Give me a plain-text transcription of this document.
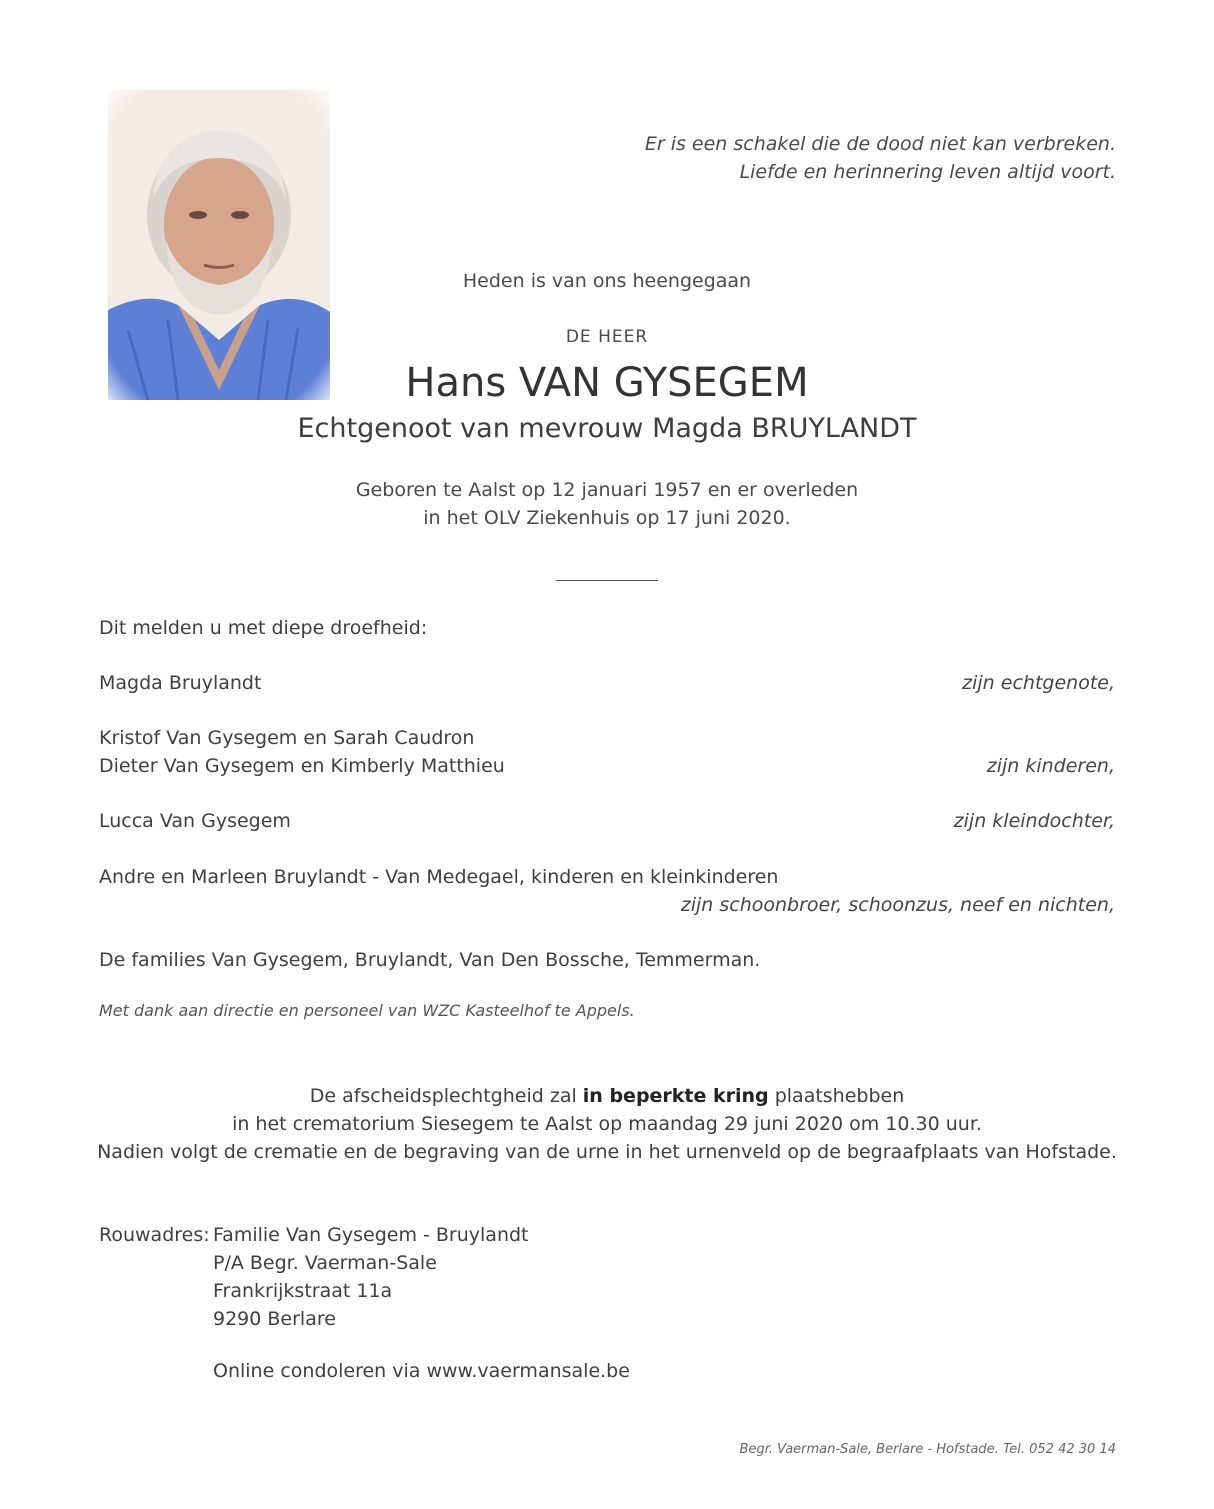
Er is een schakel die de dood niet kan verbreken.
Liefde en herinnering leven altijd voort.
Heden is van ons heengegaan
DE HEER
Hans VAN GYSEGEM
Echtgenoot van mevrouw Magda BRUYLANDT
Geboren te Aalst op 12 januari 1957 en er overleden
in het OLV Ziekenhuis op 17 juni 2020.
Dit melden u met diepe droefheid:
Magda Bruylandt	zijn echtgenote,
Kristof Van Gysegem en Sarah Caudron
Dieter Van Gysegem en Kimberly Matthieu	zijn kinderen,
Lucca Van Gysegem	zijn kleindochter,
Andre en Marleen Bruylandt - Van Medegael, kinderen en kleinkinderen
zijn schoonbroer, schoonzus, neef en nichten,
De families Van Gysegem, Bruylandt, Van Den Bossche, Temmerman.
Met dank aan directie en personeel van WZC Kasteelhof te Appels.
De afscheidsplechtgheid zal in beperkte kring plaatshebben
in het crematorium Siesegem te Aalst op maandag 29 juni 2020 om 10.30 uur.
Nadien volgt de crematie en de begraving van de urne in het urnenveld op de begraafplaats van Hofstade.
Rouwadres: Familie Van Gysegem - Bruylandt
P/A Begr. Vaerman-Sale
Frankrijkstraat 11a
9290 Berlare
Online condoleren via www.vaermansale.be
Begr. Vaerman-Sale, Berlare - Hofstade. Tel. 052 42 30 14
